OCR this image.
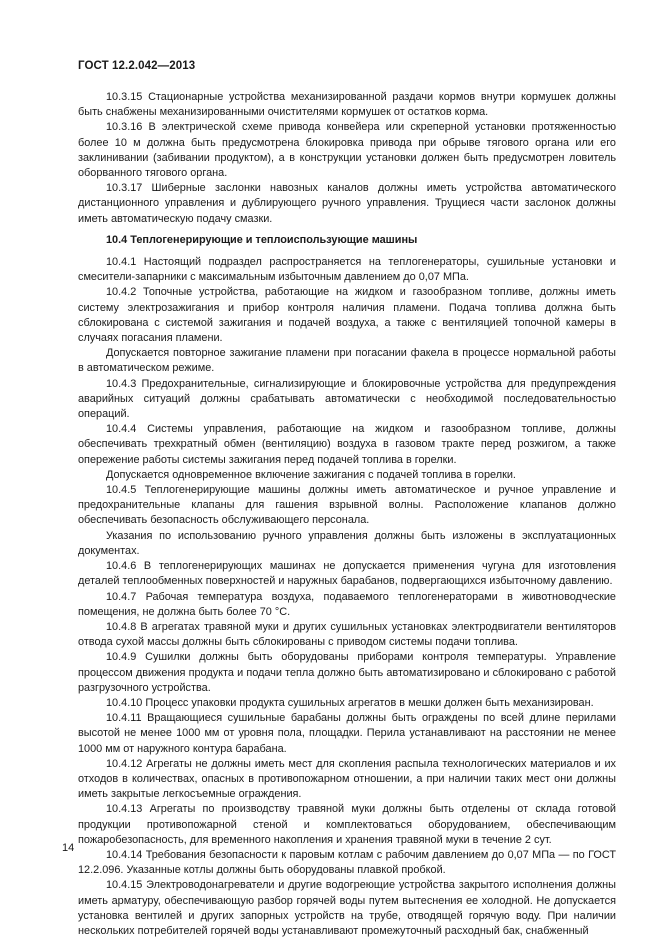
ГОСТ 12.2.042—2013

10.3.15 Стационарные устройства механизированной раздачи кормов внутри кормушек должны быть снабжены механизированными очистителями кормушек от остатков корма.

10.3.16 В электрической схеме привода конвейера или скреперной установки протяженностью более 10 м должна быть предусмотрена блокировка привода при обрыве тягового органа или его заклинивании (забивании продуктом), а в конструкции установки должен быть предусмотрен ловитель оборванного тягового органа.

10.3.17 Шиберные заслонки навозных каналов должны иметь устройства автоматического дистанционного управления и дублирующего ручного управления. Трущиеся части заслонок должны иметь автоматическую подачу смазки.

10.4 Теплогенерирующие и теплоиспользующие машины

10.4.1 Настоящий подраздел распространяется на теплогенераторы, сушильные установки и смесители-запарники с максимальным избыточным давлением до 0,07 МПа.

10.4.2 Топочные устройства, работающие на жидком и газообразном топливе, должны иметь систему электрозажигания и прибор контроля наличия пламени. Подача топлива должна быть сблокирована с системой зажигания и подачей воздуха, а также с вентиляцией топочной камеры в случаях погасания пламени.

Допускается повторное зажигание пламени при погасании факела в процессе нормальной работы в автоматическом режиме.

10.4.3 Предохранительные, сигнализирующие и блокировочные устройства для предупреждения аварийных ситуаций должны срабатывать автоматически с необходимой последовательностью операций.

10.4.4 Системы управления, работающие на жидком и газообразном топливе, должны обеспечивать трехкратный обмен (вентиляцию) воздуха в газовом тракте перед розжигом, а также опережение работы системы зажигания перед подачей топлива в горелки.

Допускается одновременное включение зажигания с подачей топлива в горелки.

10.4.5 Теплогенерирующие машины должны иметь автоматическое и ручное управление и предохранительные клапаны для гашения взрывной волны. Расположение клапанов должно обеспечивать безопасность обслуживающего персонала.

Указания по использованию ручного управления должны быть изложены в эксплуатационных документах.

10.4.6 В теплогенерирующих машинах не допускается применения чугуна для изготовления деталей теплообменных поверхностей и наружных барабанов, подвергающихся избыточному давлению.

10.4.7 Рабочая температура воздуха, подаваемого теплогенераторами в животноводческие помещения, не должна быть более 70 °С.

10.4.8 В агрегатах травяной муки и других сушильных установках электродвигатели вентиляторов отвода сухой массы должны быть сблокированы с приводом системы подачи топлива.

10.4.9 Сушилки должны быть оборудованы приборами контроля температуры. Управление процессом движения продукта и подачи тепла должно быть автоматизировано и сблокировано с работой разгрузочного устройства.

10.4.10 Процесс упаковки продукта сушильных агрегатов в мешки должен быть механизирован.

10.4.11 Вращающиеся сушильные барабаны должны быть ограждены по всей длине перилами высотой не менее 1000 мм от уровня пола, площадки. Перила устанавливают на расстоянии не менее 1000 мм от наружного контура барабана.

10.4.12 Агрегаты не должны иметь мест для скопления распыла технологических материалов и их отходов в количествах, опасных в противопожарном отношении, а при наличии таких мест они должны иметь закрытые легкосъемные ограждения.

10.4.13 Агрегаты по производству травяной муки должны быть отделены от склада готовой продукции противопожарной стеной и комплектоваться оборудованием, обеспечивающим пожаробезопасность, для временного накопления и хранения травяной муки в течение 2 сут.

10.4.14 Требования безопасности к паровым котлам с рабочим давлением до 0,07 МПа — по ГОСТ 12.2.096. Указанные котлы должны быть оборудованы плавкой пробкой.

10.4.15 Электроводонагреватели и другие водогреющие устройства закрытого исполнения должны иметь арматуру, обеспечивающую разбор горячей воды путем вытеснения ее холодной. Не допускается установка вентилей и других запорных устройств на трубе, отводящей горячую воду. При наличии нескольких потребителей горячей воды устанавливают промежуточный расходный бак, снабженный

14
